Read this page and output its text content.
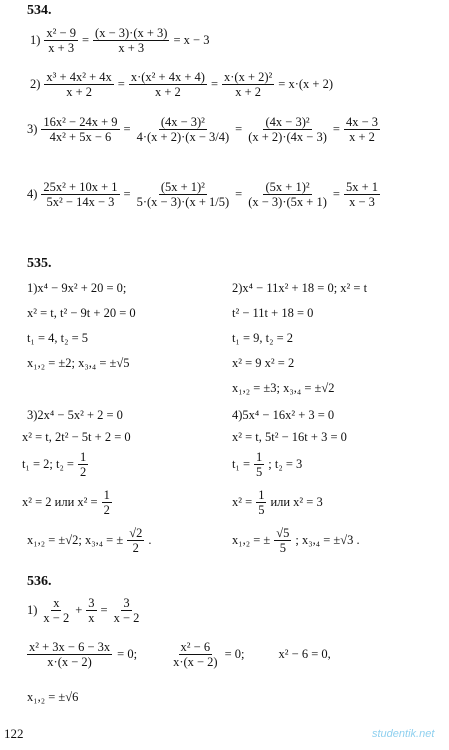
534.
$1) \frac{\text{x² − 9}}{x + 3} = \frac{(x - 3)\cdot(x + 3)}{x + 3} = x - 3$
$2) \frac{\text{x³ + 4x² + 4x}}{x + 2} = \frac{\text{x·(x² + 4x + 4)}}{x + 2} = \frac{\text{x·(x + 2)²}}{x + 2} = x\cdot(x + 2)$
$3) \frac{\text{16x² − 24x + 9}}{\text{4x² + 5x − 6}} = \frac{\text{(4x − 3)²}}{4\cdot(x + 2)\cdot(x - 3/4)} = \frac{\text{(4x − 3)²}}{(x + 2)\cdot(4x - 3)} = \frac{4x - 3}{x + 2}$
$4) \frac{\text{25x² + 10x + 1}}{\text{5x² − 14x − 3}} = \frac{\text{(5x + 1)²}}{5\cdot(x - 3)\cdot(x + 1/5)} = \frac{\text{(5x + 1)²}}{(x - 3)\cdot(5x + 1)} = \frac{5x + 1}{x - 3}$
535.
1)x⁴ − 9x² + 20 = 0;
x² = t, t² − 9t + 20 = 0
t₁ = 4, t₂ = 5
x₁,₂ = ±2; x₃,₄ = ±√5
2)x⁴ − 11x² + 18 = 0; x² = t
t² − 11t + 18 = 0
t₁ = 9, t₂ = 2
x² = 9 x² = 2
x₁,₂ = ±3; x₃,₄ = ±√2
3)2x⁴ − 5x² + 2 = 0
x² = t, 2t² − 5t + 2 = 0
t₁ = 2; $t_2 = \frac{1}{2}$
x² = 2 или $x^2 = \frac{1}{2}$
x₁,₂ = ±√2; x₃,₄ = ± $\frac{√2}{2}$ .
4)5x⁴ − 16x² + 3 = 0
x² = t, 5t² − 16t + 3 = 0
$t_1 = \frac{1}{5}$ ; t₂ = 3
$x^2 = \frac{1}{5}$ или x² = 3
x₁,₂ = ± $\frac{√5}{5}$ ; x₃,₄ = ±√3 .
536.
1)
x
x − 2
+ $\frac{3}{x} = \frac{3}{x - 2}$
$\frac{\text{x² + 3x − 6 − 3x}}{x\cdot(x - 2)} = 0$;	$\frac{\text{x² − 6}}{x\cdot(x - 2)} = 0$;	x² − 6 = 0,
x₁,₂ = ±√6
122	studentik.net
